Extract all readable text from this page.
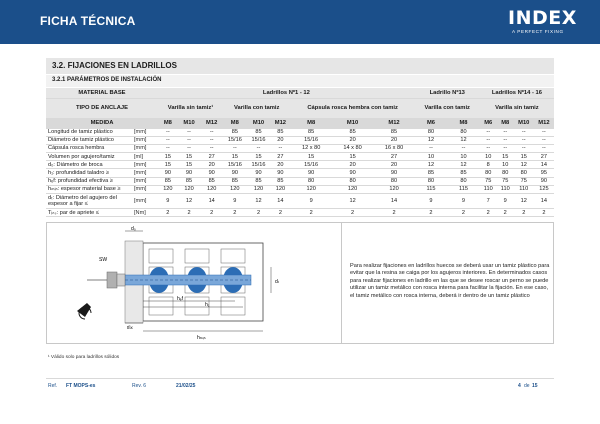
FICHA TÉCNICA	INDEX
A PERFECT FIXING
3.2. FIJACIONES EN LADRILLOS
3.2.1 PARÁMETROS DE INSTALACIÓN
MATERIAL BASE		Ladrillos Nº1 - 12									Ladrillo Nº13		Ladrillos Nº14 - 16			
TIPO DE ANCLAJE		Varilla sin tamiz¹			Varilla con tamiz			Cápsula rosca hembra con tamiz			Varilla con tamiz		Varilla sin tamiz			
MEDIDA		M8	M10	M12	M8	M10	M12	M8	M10	M12	M6	M8	M6	M8	M10	M12
Longitud de tamiz plástico	[mm]	--	--	--	85	85	85	85	85	85	80	80	--	--	--	--
Diámetro de tamiz plástico	[mm]	--	--	--	15/16	15/16	20	15/16	20	20	12	12	--	--	--	--
Cápsula rosca hembra	[mm]	--	--	--	--	--	--	12 x 80	14 x 80	16 x 80	--	--	--	--	--	--
Volumen por agujero/tamiz	[ml]	15	15	27	15	15	27	15	15	27	10	10	10	15	15	27
d₀: Diámetro de broca	[mm]	15	15	20	15/16	15/16	20	15/16	20	20	12	12	8	10	12	14
h₁: profundidad taladro ≥	[mm]	90	90	90	90	90	90	90	90	90	85	85	80	80	80	95
hₑf: profundidad efectiva ≥	[mm]	85	85	85	85	85	85	80	80	80	80	80	75	75	75	90
hₘᵢₙ: espesor material base ≥	[mm]	120	120	120	120	120	120	120	120	120	115	115	110	110	110	125
dₜ: Diámetro del agujero del espesor a fijar ≤	[mm]	9	12	14	9	12	14	9	12	14	9	9	7	9	12	14
Tᵢₙₛ: par de apriete ≤	[Nm]	2	2	2	2	2	2	2	2	2	2	2	2	2	2	2
d₀
SW
dₜ
hₘᵢₙ
hₑf
h₁
tfix

Para realizar fijaciones en ladrillos huecos se deberá usar un tamiz plástico para evitar que la resina se caiga por los agujeros interiores. En determinados casos para realizar fijaciones en ladrillo en las que se desee roscar un perno se puede utilizar un tamiz metálico con rosca interna para facilitar la fijación. En ese caso, el tamiz metálico con rosca interna, deberá ir dentro de un tamiz plástico

¹ Válido solo para ladrillos sólidos
Ref. FT MOPS-es	Rev. 6	21/02/25	4 de 15
